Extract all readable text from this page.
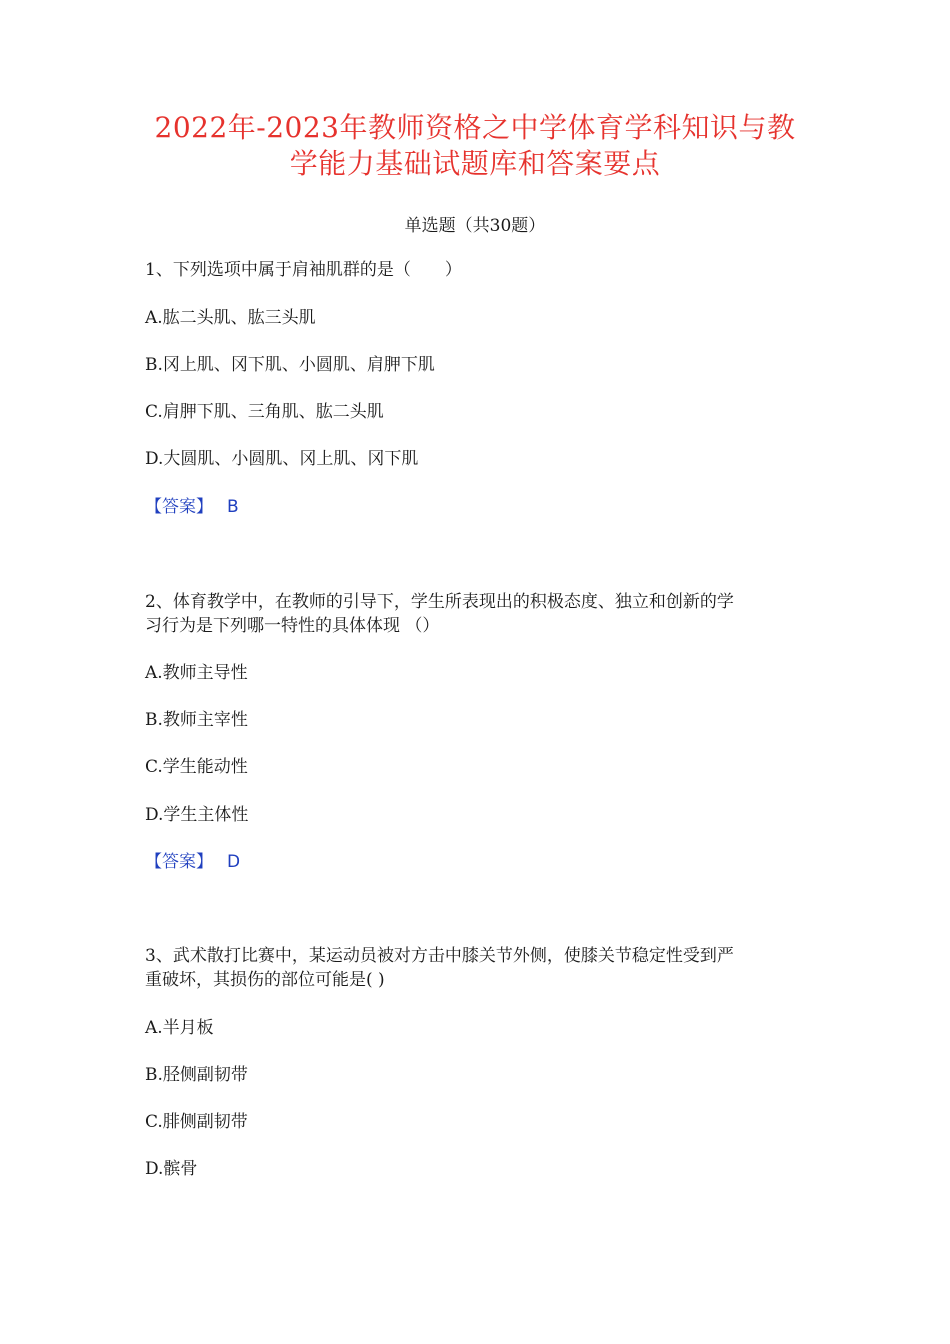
2022年-2023年教师资格之中学体育学科知识与教
学能力基础试题库和答案要点
单选题（共30题）
1、下列选项中属于肩袖肌群的是（　　）
A.肱二头肌、肱三头肌
B.冈上肌、冈下肌、小圆肌、肩胛下肌
C.肩胛下肌、三角肌、肱二头肌
D.大圆肌、小圆肌、冈上肌、冈下肌
【答案】 B
2、体育教学中，在教师的引导下，学生所表现出的积极态度、独立和创新的学
习行为是下列哪一特性的具体体现 （）
A.教师主导性
B.教师主宰性
C.学生能动性
D.学生主体性
【答案】 D
3、武术散打比赛中，某运动员被对方击中膝关节外侧，使膝关节稳定性受到严
重破坏，其损伤的部位可能是( )
A.半月板
B.胫侧副韧带
C.腓侧副韧带
D.髌骨
